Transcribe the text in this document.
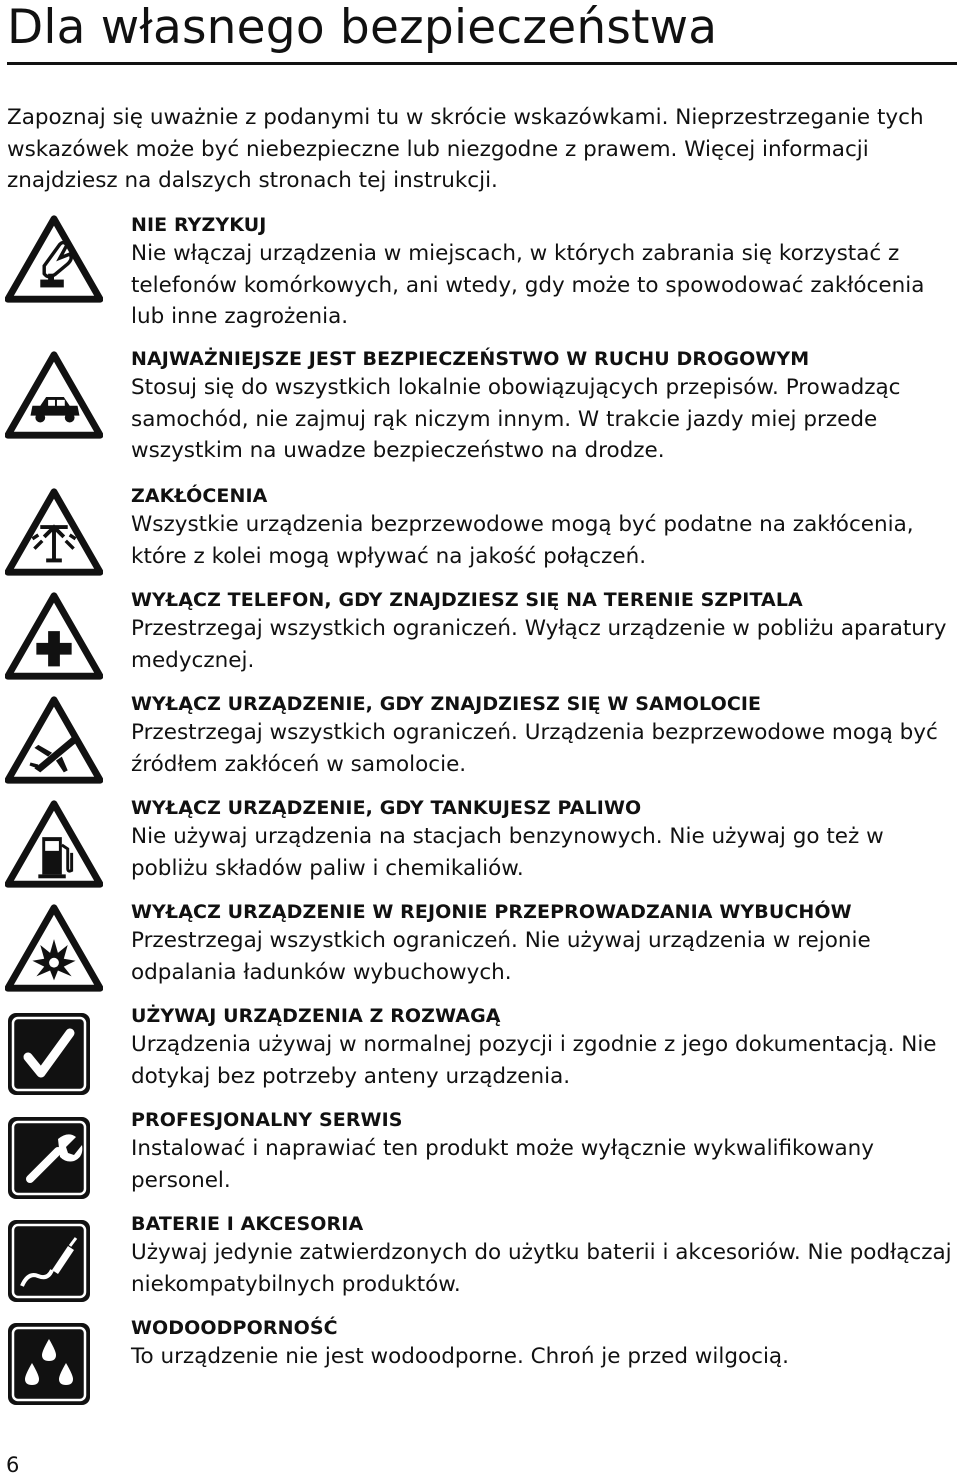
Dla własnego bezpieczeństwa

Zapoznaj się uważnie z podanymi tu w skrócie wskazówkami. Nieprzestrzeganie tych wskazówek może być niebezpieczne lub niezgodne z prawem. Więcej informacji znajdziesz na dalszych stronach tej instrukcji.

NIE RYZYKUJ

Nie włączaj urządzenia w miejscach, w których zabrania się korzystać z telefonów komórkowych, ani wtedy, gdy może to spowodować zakłócenia lub inne zagrożenia.

NAJWAŻNIEJSZE JEST BEZPIECZEŃSTWO W RUCHU DROGOWYM

Stosuj się do wszystkich lokalnie obowiązujących przepisów. Prowadząc samochód, nie zajmuj rąk niczym innym. W trakcie jazdy miej przede wszystkim na uwadze bezpieczeństwo na drodze.

ZAKŁÓCENIA

Wszystkie urządzenia bezprzewodowe mogą być podatne na zakłócenia, które z kolei mogą wpływać na jakość połączeń.

WYŁĄCZ TELEFON, GDY ZNAJDZIESZ SIĘ NA TERENIE SZPITALA

Przestrzegaj wszystkich ograniczeń. Wyłącz urządzenie w pobliżu aparatury medycznej.

WYŁĄCZ URZĄDZENIE, GDY ZNAJDZIESZ SIĘ W SAMOLOCIE

Przestrzegaj wszystkich ograniczeń. Urządzenia bezprzewodowe mogą być źródłem zakłóceń w samolocie.

WYŁĄCZ URZĄDZENIE, GDY TANKUJESZ PALIWO

Nie używaj urządzenia na stacjach benzynowych. Nie używaj go też w pobliżu składów paliw i chemikaliów.

WYŁĄCZ URZĄDZENIE W REJONIE PRZEPROWADZANIA WYBUCHÓW

Przestrzegaj wszystkich ograniczeń. Nie używaj urządzenia w rejonie odpalania ładunków wybuchowych.

UŻYWAJ URZĄDZENIA Z ROZWAGĄ

Urządzenia używaj w normalnej pozycji i zgodnie z jego dokumentacją. Nie dotykaj bez potrzeby anteny urządzenia.

PROFESJONALNY SERWIS

Instalować i naprawiać ten produkt może wyłącznie wykwalifikowany personel.

BATERIE I AKCESORIA

Używaj jedynie zatwierdzonych do użytku baterii i akcesoriów. Nie podłączaj niekompatybilnych produktów.

WODOODPORNOŚĆ

To urządzenie nie jest wodoodporne. Chroń je przed wilgocią.

6
